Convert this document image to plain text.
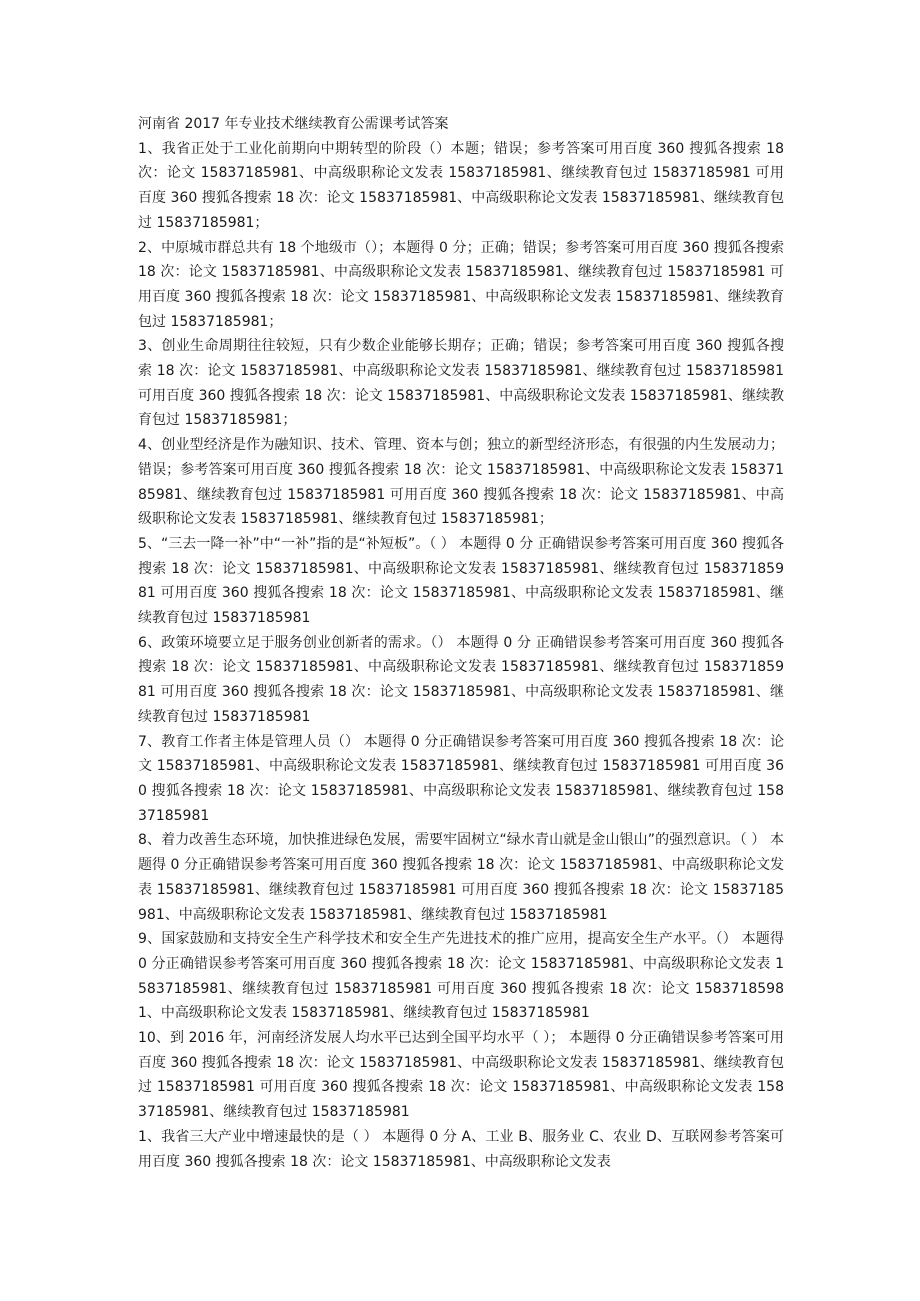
河南省 2017 年专业技术继续教育公需课考试答案

1、我省正处于工业化前期向中期转型的阶段（）本题；错误；参考答案可用百度 360 搜狐各搜索 18 次：论文 15837185981、中高级职称论文发表 15837185981、继续教育包过 15837185981 可用百度 360 搜狐各搜索 18 次：论文 15837185981、中高级职称论文发表 15837185981、继续教育包过 15837185981；

2、中原城市群总共有 18 个地级市（）；本题得 0 分；正确；错误；参考答案可用百度 360 搜狐各搜索 18 次：论文 15837185981、中高级职称论文发表 15837185981、继续教育包过 15837185981 可用百度 360 搜狐各搜索 18 次：论文 15837185981、中高级职称论文发表 15837185981、继续教育包过 15837185981；

3、创业生命周期往往较短，只有少数企业能够长期存；正确；错误；参考答案可用百度 360 搜狐各搜索 18 次：论文 15837185981、中高级职称论文发表 15837185981、继续教育包过 15837185981 可用百度 360 搜狐各搜索 18 次：论文 15837185981、中高级职称论文发表 15837185981、继续教育包过 15837185981；

4、创业型经济是作为融知识、技术、管理、资本与创；独立的新型经济形态，有很强的内生发展动力；错误；参考答案可用百度 360 搜狐各搜索 18 次：论文 15837185981、中高级职称论文发表 15837185981、继续教育包过 15837185981 可用百度 360 搜狐各搜索 18 次：论文 15837185981、中高级职称论文发表 15837185981、继续教育包过 15837185981；

5、“三去一降一补”中“一补”指的是“补短板”。（ ） 本题得 0 分 正确错误参考答案可用百度 360 搜狐各搜索 18 次：论文 15837185981、中高级职称论文发表 15837185981、继续教育包过 15837185981 可用百度 360 搜狐各搜索 18 次：论文 15837185981、中高级职称论文发表 15837185981、继续教育包过 15837185981

6、政策环境要立足于服务创业创新者的需求。（） 本题得 0 分 正确错误参考答案可用百度 360 搜狐各搜索 18 次：论文 15837185981、中高级职称论文发表 15837185981、继续教育包过 15837185981 可用百度 360 搜狐各搜索 18 次：论文 15837185981、中高级职称论文发表 15837185981、继续教育包过 15837185981

7、教育工作者主体是管理人员（） 本题得 0 分正确错误参考答案可用百度 360 搜狐各搜索 18 次：论文 15837185981、中高级职称论文发表 15837185981、继续教育包过 15837185981 可用百度 360 搜狐各搜索 18 次：论文 15837185981、中高级职称论文发表 15837185981、继续教育包过 15837185981

8、着力改善生态环境，加快推进绿色发展，需要牢固树立“绿水青山就是金山银山”的强烈意识。（ ） 本题得 0 分正确错误参考答案可用百度 360 搜狐各搜索 18 次：论文 15837185981、中高级职称论文发表 15837185981、继续教育包过 15837185981 可用百度 360 搜狐各搜索 18 次：论文 15837185981、中高级职称论文发表 15837185981、继续教育包过 15837185981

9、国家鼓励和支持安全生产科学技术和安全生产先进技术的推广应用，提高安全生产水平。（） 本题得 0 分正确错误参考答案可用百度 360 搜狐各搜索 18 次：论文 15837185981、中高级职称论文发表 15837185981、继续教育包过 15837185981 可用百度 360 搜狐各搜索 18 次：论文 15837185981、中高级职称论文发表 15837185981、继续教育包过 15837185981

10、到 2016 年，河南经济发展人均水平已达到全国平均水平（ ）； 本题得 0 分正确错误参考答案可用百度 360 搜狐各搜索 18 次：论文 15837185981、中高级职称论文发表 15837185981、继续教育包过 15837185981 可用百度 360 搜狐各搜索 18 次：论文 15837185981、中高级职称论文发表 15837185981、继续教育包过 15837185981

1、我省三大产业中增速最快的是（ ） 本题得 0 分 A、工业 B、服务业 C、农业 D、互联网参考答案可用百度 360 搜狐各搜索 18 次：论文 15837185981、中高级职称论文发表
